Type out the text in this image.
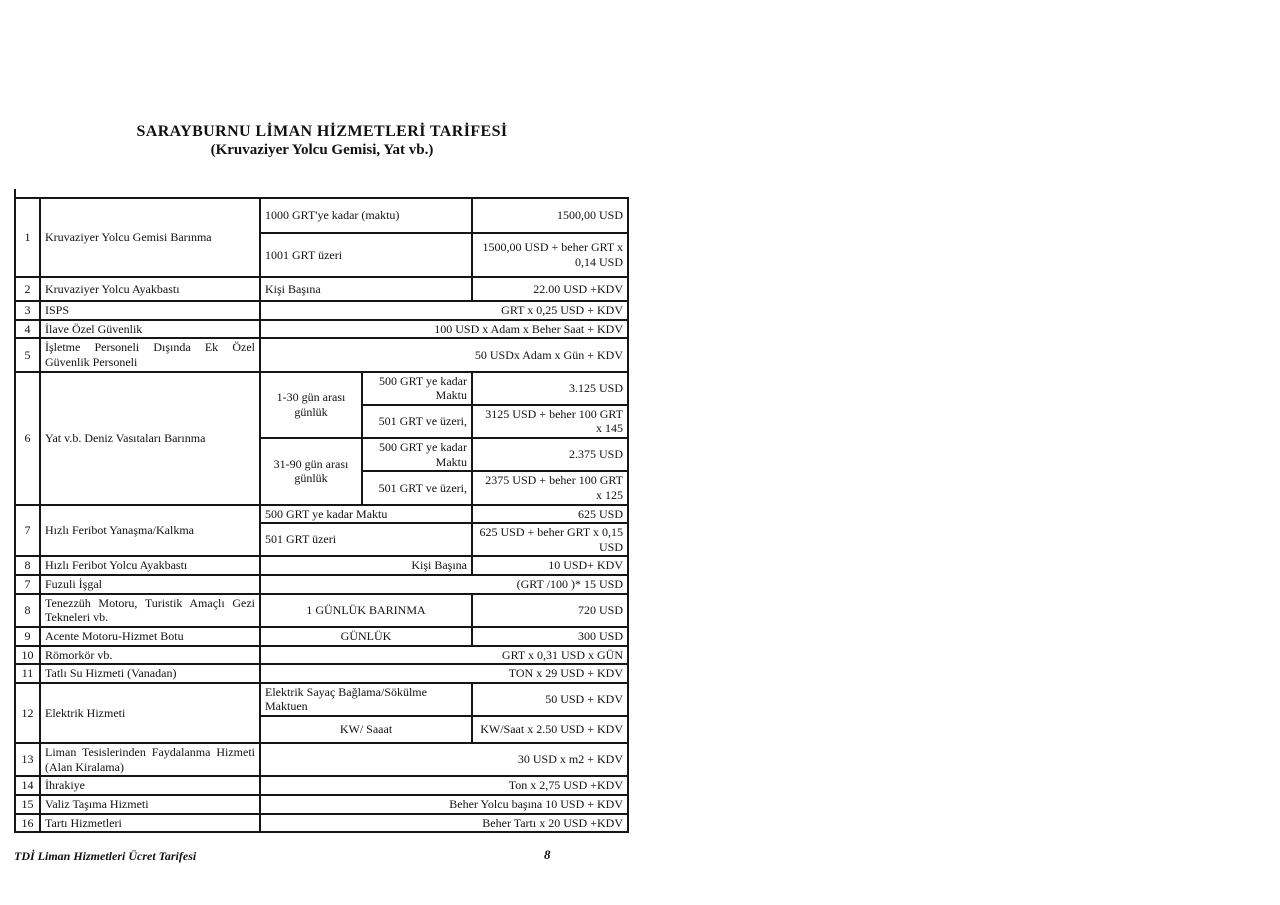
SARAYBURNU LİMAN HİZMETLERİ TARİFESİ
(Kruvaziyer Yolcu Gemisi, Yat vb.)
1	Kruvaziyer Yolcu Gemisi Barınma	1000 GRT'ye kadar (maktu)		1500,00 USD
		1001 GRT üzeri		1500,00 USD + beher GRT x 0,14 USD
2	Kruvaziyer Yolcu Ayakbastı	Kişi Başına		22.00 USD +KDV
3	ISPS	GRT x 0,25 USD + KDV		
4	İlave Özel Güvenlik	100 USD x Adam x Beher Saat + KDV		
5	İşletme Personeli Dışında Ek Özel Güvenlik Personeli	50 USDx Adam x Gün + KDV		
6	Yat v.b. Deniz Vasıtaları Barınma	1-30 gün arası günlük	500 GRT ye kadar Maktu	3.125 USD
			501 GRT ve üzeri,	3125 USD + beher 100 GRT x 145
		31-90 gün arası günlük	500 GRT ye kadar Maktu	2.375 USD
			501 GRT ve üzeri,	2375 USD + beher 100 GRT x 125
7	Hızlı Feribot Yanaşma/Kalkma	500 GRT ye kadar Maktu		625 USD
		501 GRT üzeri		625 USD + beher GRT x 0,15 USD
8	Hızlı Feribot Yolcu Ayakbastı	Kişi Başına		10 USD+ KDV
7	Fuzuli İşgal	(GRT /100 )* 15 USD		
8	Tenezzüh Motoru, Turistik Amaçlı Gezi Tekneleri vb.	1 GÜNLÜK BARINMA		720 USD
9	Acente Motoru-Hizmet Botu	GÜNLÜK		300 USD
10	Römorkör vb.	GRT x 0,31 USD x GÜN		
11	Tatlı Su Hizmeti (Vanadan)	TON x 29 USD + KDV		
12	Elektrik Hizmeti	Elektrik Sayaç Bağlama/Sökülme Maktuen		50 USD + KDV
		KW/ Saaat		KW/Saat x 2.50 USD + KDV
13	Liman Tesislerinden Faydalanma Hizmeti (Alan Kiralama)	30 USD x m2 + KDV		
14	İhrakiye	Ton x 2,75 USD +KDV		
15	Valiz Taşıma Hizmeti	Beher Yolcu başına 10 USD + KDV		
16	Tartı Hizmetleri	Beher Tartı x 20 USD +KDV		
TDİ Liman Hizmetleri Ücret Tarifesi	8
